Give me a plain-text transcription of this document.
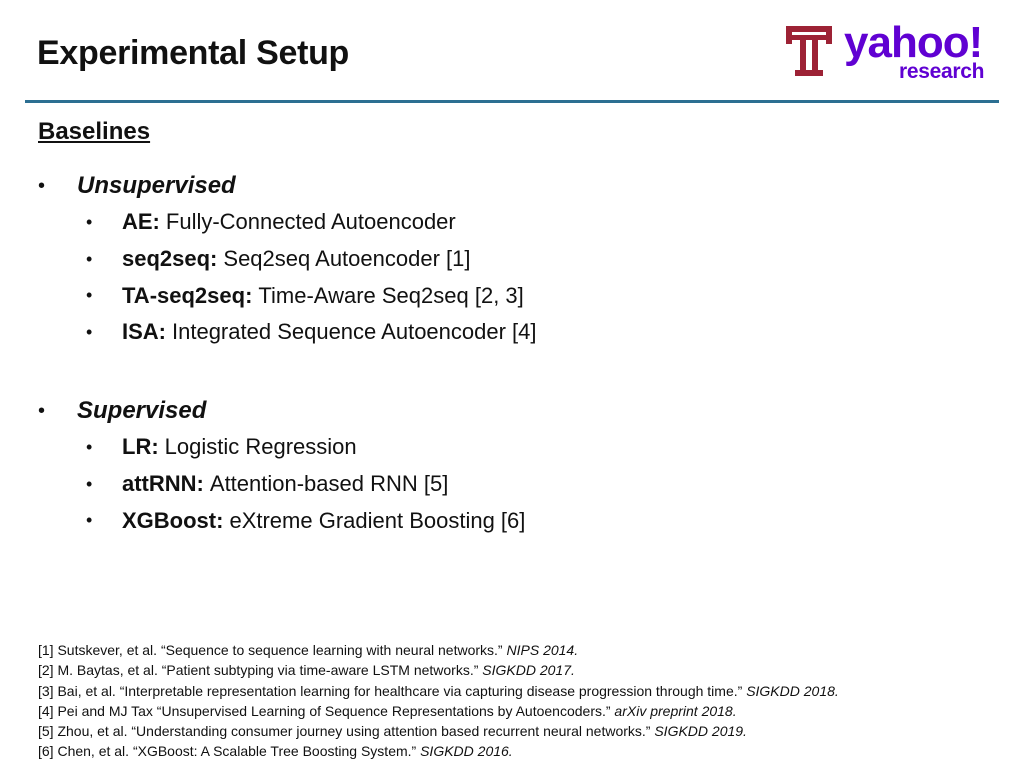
Experimental Setup	yahoo!
research
Baselines
•	Unsupervised
•	AE: Fully-Connected Autoencoder
•	seq2seq: Seq2seq Autoencoder [1]
•	TA-seq2seq: Time-Aware Seq2seq [2, 3]
•	ISA: Integrated Sequence Autoencoder [4]
•	Supervised
•	LR: Logistic Regression
•	attRNN: Attention-based RNN [5]
•	XGBoost: eXtreme Gradient Boosting [6]
[1] Sutskever, et al. “Sequence to sequence learning with neural networks.” NIPS 2014.
[2] M. Baytas, et al. “Patient subtyping via time-aware LSTM networks.” SIGKDD 2017.
[3] Bai, et al. “Interpretable representation learning for healthcare via capturing disease progression through time.” SIGKDD 2018.
[4] Pei and MJ Tax “Unsupervised Learning of Sequence Representations by Autoencoders.” arXiv preprint 2018.
[5] Zhou, et al. “Understanding consumer journey using attention based recurrent neural networks.” SIGKDD 2019.
[6] Chen, et al. “XGBoost: A Scalable Tree Boosting System.” SIGKDD 2016.
